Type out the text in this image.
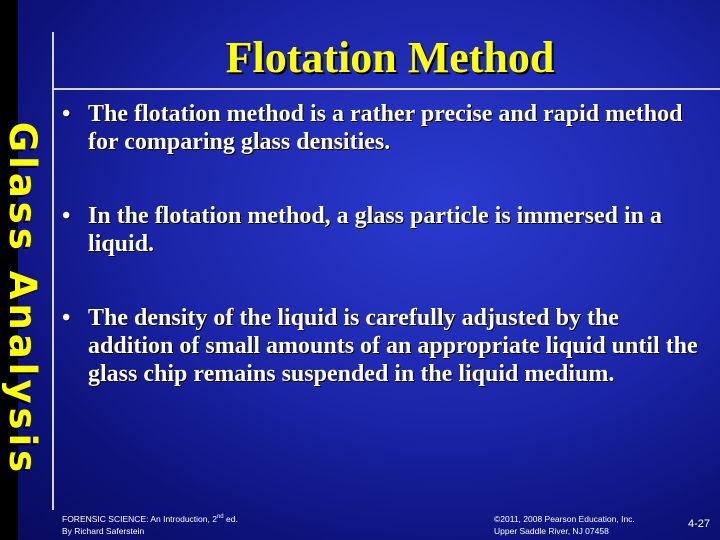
Glass Analysis
Flotation Method
• The flotation method is a rather precise and rapid method for comparing glass densities.
• In the flotation method, a glass particle is immersed in a liquid.
• The density of the liquid is carefully adjusted by the addition of small amounts of an appropriate liquid until the glass chip remains suspended in the liquid medium.
FORENSIC SCIENCE: An Introduction, 2nd ed.
By Richard Saferstein
©2011, 2008 Pearson Education, Inc.
Upper Saddle River, NJ 07458
4-27
